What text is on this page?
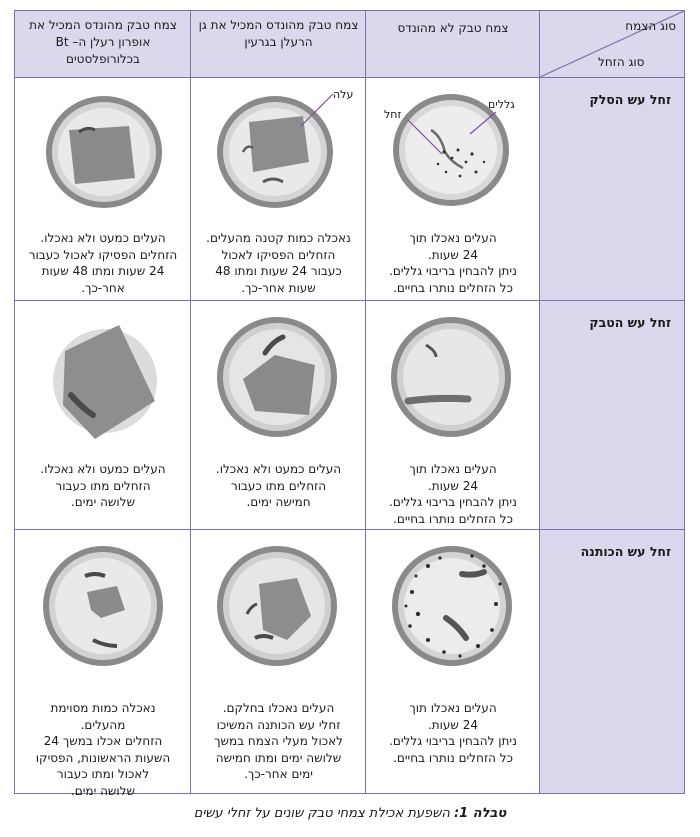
צמח טבק מהונדס המכיל את אופרון רעלן ה– Bt בכלורופלסטים
צמח טבק מהונדס המכיל את גן הרעלן בגרעין
צמח טבק לא מהונדס	סוג הצמח
סוג הזחל
זחל עש הסלק
זחל עש הטבק
זחל עש הכותנה
זחל
גללים
העלים נאכלו תוך
24 שעות.
ניתן להבחין בריבוי גללים.
כל הזחלים נותרו בחיים.
עלה
נאכלה כמות קטנה מהעלים.
הזחלים הפסיקו לאכול
כעבור 24 שעות ומתו 48
שעות אחר-כך.
העלים כמעט ולא נאכלו.
הזחלים הפסיקו לאכול כעבור
24 שעות ומתו 48 שעות
אחר-כך.
העלים נאכלו תוך
24 שעות.
ניתן להבחין בריבוי גללים.
כל הזחלים נותרו בחיים.
העלים כמעט ולא נאכלו.
הזחלים מתו כעבור
חמישה ימים.
העלים כמעט ולא נאכלו.
הזחלים מתו כעבור
שלושה ימים.
העלים נאכלו תוך
24 שעות.
ניתן להבחין בריבוי גללים.
כל הזחלים נותרו בחיים.
העלים נאכלו בחלקם.
זחלי עש הכותנה המשיכו
לאכול מעלי הצמח במשך
שלושה ימים ומתו חמישה
ימים אחר-כך.
נאכלה כמות מסוימת
מהעלים.
הזחלים אכלו במשך 24
השעות הראשונות, הפסיקו
לאכול ומתו כעבור
שלושה ימים.
טבלה 1: השפעת אכילת צמחי טבק שונים על זחלי עשים
